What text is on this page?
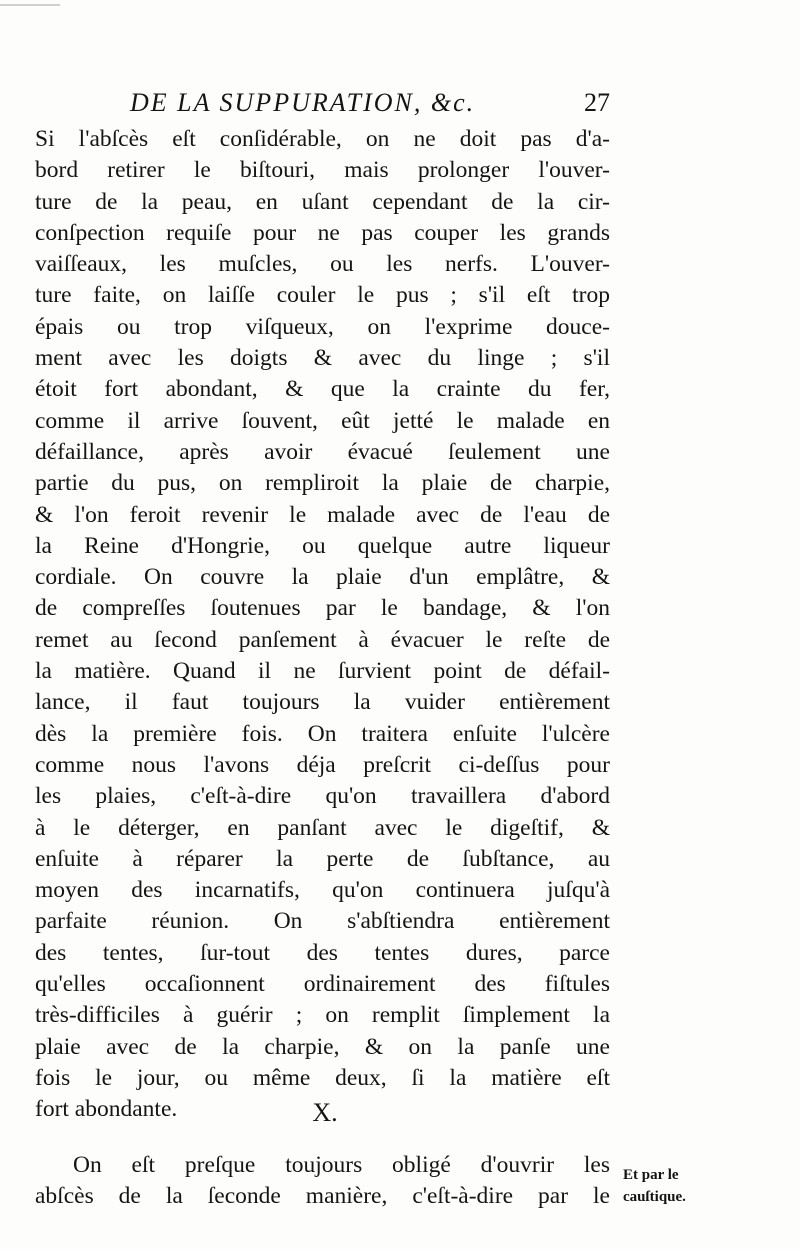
DE LA SUPPURATION, &c.	27
Si l'abſcès eſt conſidérable, on ne doit pas d'a-
bord retirer le biſtouri, mais prolonger l'ouver-
ture de la peau, en uſant cependant de la cir-
conſpection requiſe pour ne pas couper les grands
vaiſſeaux, les muſcles, ou les nerfs. L'ouver-
ture faite, on laiſſe couler le pus ; s'il eſt trop
épais ou trop viſqueux, on l'exprime douce-
ment avec les doigts & avec du linge ; s'il
étoit fort abondant, & que la crainte du fer,
comme il arrive ſouvent, eût jetté le malade en
défaillance, après avoir évacué ſeulement une
partie du pus, on rempliroit la plaie de charpie,
& l'on feroit revenir le malade avec de l'eau de
la Reine d'Hongrie, ou quelque autre liqueur
cordiale. On couvre la plaie d'un emplâtre, &
de compreſſes ſoutenues par le bandage, & l'on
remet au ſecond panſement à évacuer le reſte de
la matière. Quand il ne ſurvient point de défail-
lance, il faut toujours la vuider entièrement
dès la première fois. On traitera enſuite l'ulcère
comme nous l'avons déja preſcrit ci-deſſus pour
les plaies, c'eſt-à-dire qu'on travaillera d'abord
à le déterger, en panſant avec le digeſtif, &
enſuite à réparer la perte de ſubſtance, au
moyen des incarnatifs, qu'on continuera juſqu'à
parfaite réunion. On s'abſtiendra entièrement
des tentes, ſur-tout des tentes dures, parce
qu'elles occaſionnent ordinairement des fiſtules
très-difficiles à guérir ; on remplit ſimplement la
plaie avec de la charpie, & on la panſe une
fois le jour, ou même deux, ſi la matière eſt
fort abondante.	X.
On eſt preſque toujours obligé d'ouvrir les
abſcès de la ſeconde manière, c'eſt-à-dire par le
Et par le
cauſtique.
